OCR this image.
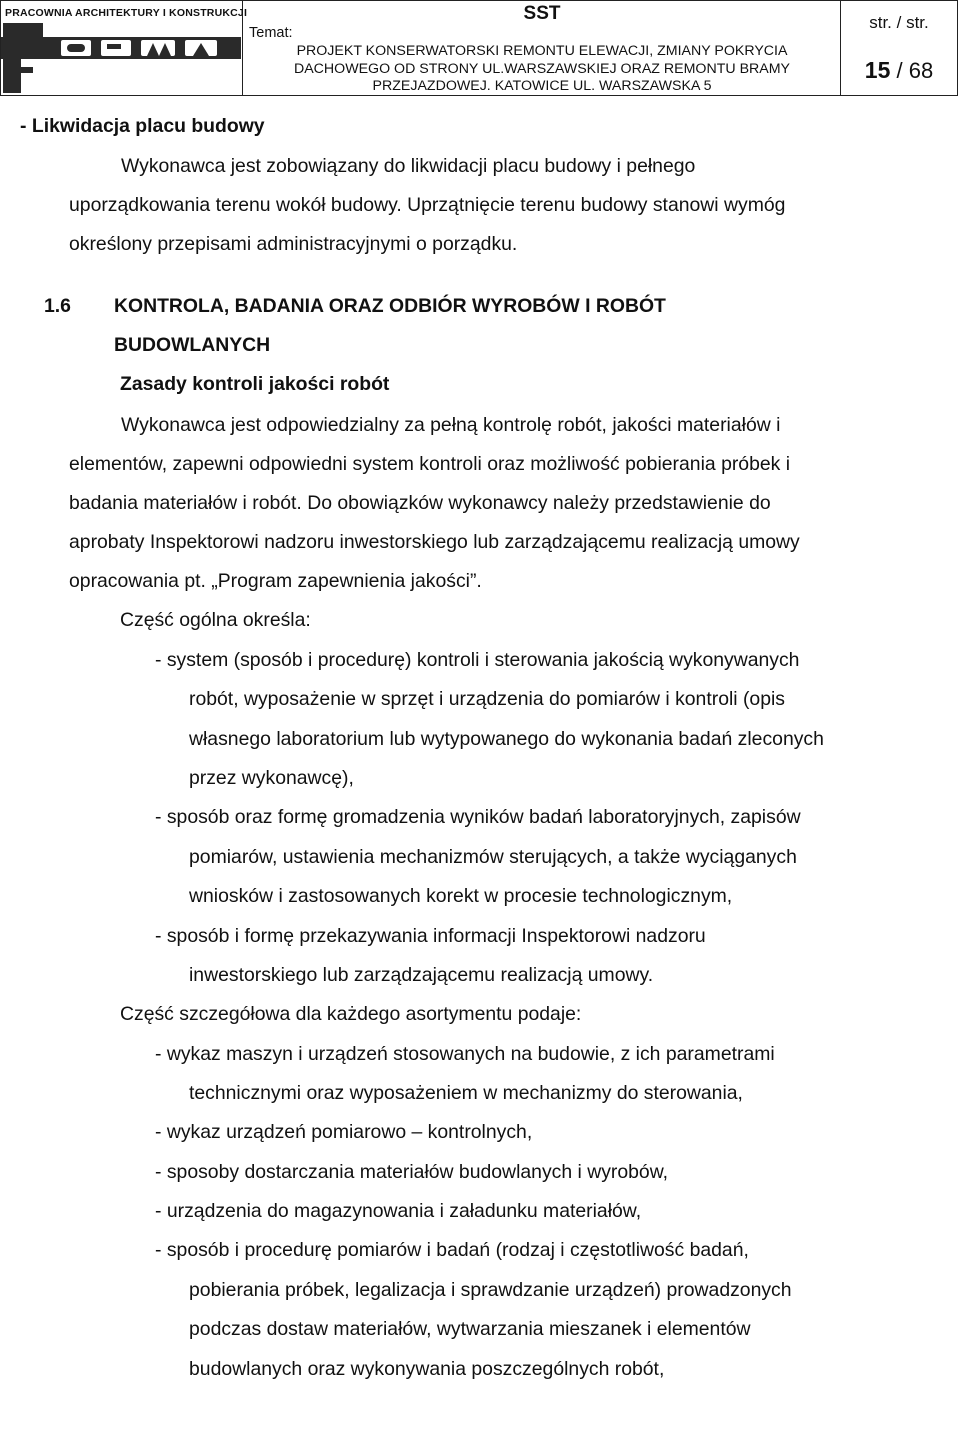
PRACOWNIA ARCHITEKTURY I KONSTRUKCJI	SST
Temat:
PROJEKT KONSERWATORSKI REMONTU ELEWACJI, ZMIANY POKRYCIA
DACHOWEGO OD STRONY UL.WARSZAWSKIEJ ORAZ REMONTU BRAMY
PRZEJAZDOWEJ. KATOWICE UL. WARSZAWSKA 5
str. / str.
15 / 68
- Likwidacja placu budowy
Wykonawca jest zobowiązany do likwidacji placu budowy i pełnego
uporządkowania terenu wokół budowy. Uprzątnięcie terenu budowy stanowi wymóg
określony przepisami administracyjnymi o porządku.
1.6 KONTROLA, BADANIA ORAZ ODBIÓR WYROBÓW I ROBÓT
BUDOWLANYCH
Zasady kontroli jakości robót
Wykonawca jest odpowiedzialny za pełną kontrolę robót, jakości materiałów i
elementów, zapewni odpowiedni system kontroli oraz możliwość pobierania próbek i
badania materiałów i robót. Do obowiązków wykonawcy należy przedstawienie do
aprobaty Inspektorowi nadzoru inwestorskiego lub zarządzającemu realizacją umowy
opracowania pt. „Program zapewnienia jakości”.
Część ogólna określa:
- system (sposób i procedurę) kontroli i sterowania jakością wykonywanych
robót, wyposażenie w sprzęt i urządzenia do pomiarów i kontroli (opis
własnego laboratorium lub wytypowanego do wykonania badań zleconych
przez wykonawcę),
- sposób oraz formę gromadzenia wyników badań laboratoryjnych, zapisów
pomiarów, ustawienia mechanizmów sterujących, a także wyciąganych
wniosków i zastosowanych korekt w procesie technologicznym,
- sposób i formę przekazywania informacji Inspektorowi nadzoru
inwestorskiego lub zarządzającemu realizacją umowy.
Część szczegółowa dla każdego asortymentu podaje:
- wykaz maszyn i urządzeń stosowanych na budowie, z ich parametrami
technicznymi oraz wyposażeniem w mechanizmy do sterowania,
- wykaz urządzeń pomiarowo – kontrolnych,
- sposoby dostarczania materiałów budowlanych i wyrobów,
- urządzenia do magazynowania i załadunku materiałów,
- sposób i procedurę pomiarów i badań (rodzaj i częstotliwość badań,
pobierania próbek, legalizacja i sprawdzanie urządzeń) prowadzonych
podczas dostaw materiałów, wytwarzania mieszanek i elementów
budowlanych oraz wykonywania poszczególnych robót,
